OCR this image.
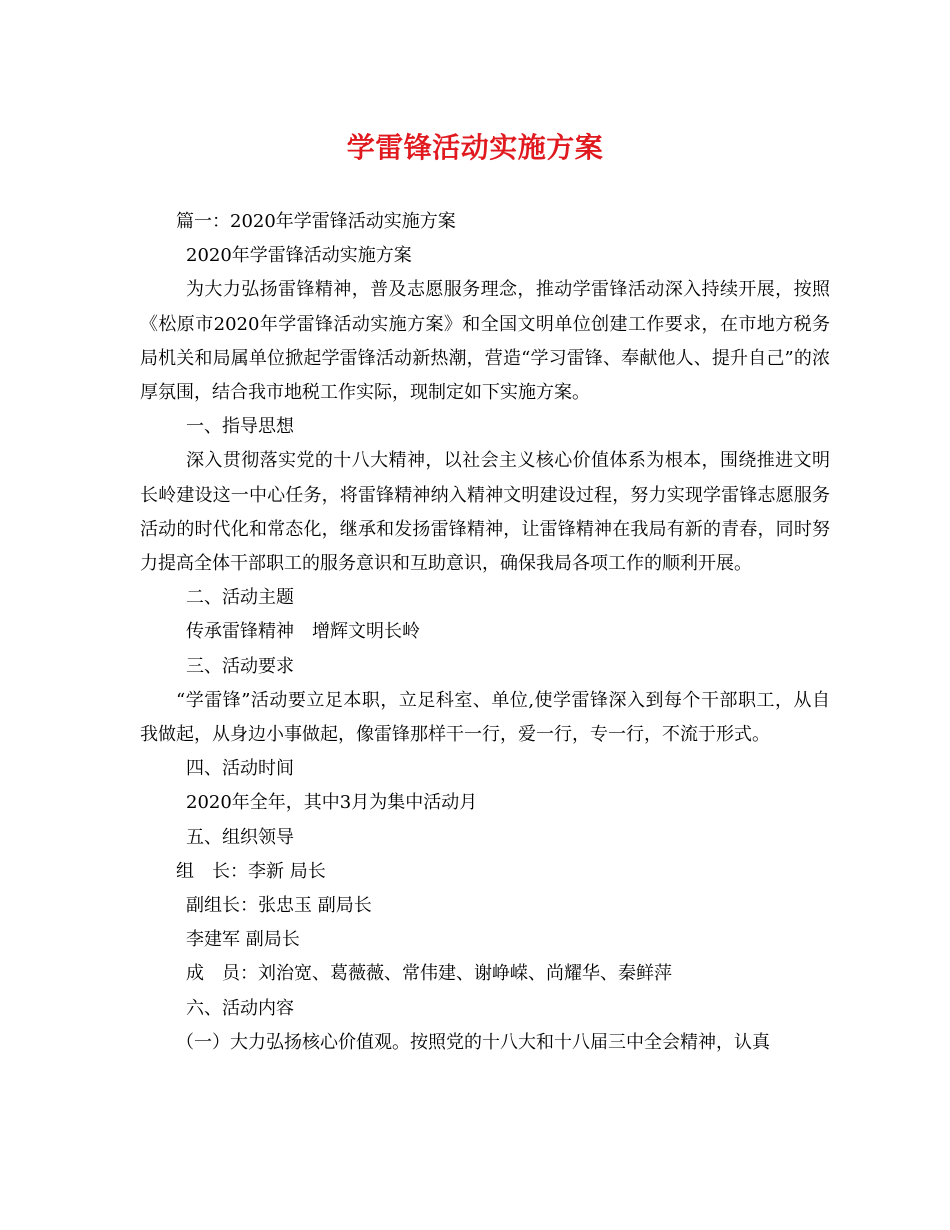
学雷锋活动实施方案

篇一：2020年学雷锋活动实施方案

2020年学雷锋活动实施方案

为大力弘扬雷锋精神，普及志愿服务理念，推动学雷锋活动深入持续开展，按照《松原市2020年学雷锋活动实施方案》和全国文明单位创建工作要求，在市地方税务局机关和局属单位掀起学雷锋活动新热潮，营造“学习雷锋、奉献他人、提升自己”的浓厚氛围，结合我市地税工作实际，现制定如下实施方案。

一、指导思想

深入贯彻落实党的十八大精神，以社会主义核心价值体系为根本，围绕推进文明长岭建设这一中心任务，将雷锋精神纳入精神文明建设过程，努力实现学雷锋志愿服务活动的时代化和常态化，继承和发扬雷锋精神，让雷锋精神在我局有新的青春，同时努力提高全体干部职工的服务意识和互助意识，确保我局各项工作的顺利开展。

二、活动主题

传承雷锋精神　增辉文明长岭

三、活动要求

“学雷锋”活动要立足本职，立足科室、单位,使学雷锋深入到每个干部职工，从自我做起，从身边小事做起，像雷锋那样干一行，爱一行，专一行，不流于形式。

四、活动时间

2020年全年，其中3月为集中活动月

五、组织领导

组　长：李新 局长

副组长：张忠玉 副局长

李建军 副局长

成　员：刘治宽、葛薇薇、常伟建、谢峥嵘、尚耀华、秦鲜萍

六、活动内容

（一）大力弘扬核心价值观。按照党的十八大和十八届三中全会精神，认真
